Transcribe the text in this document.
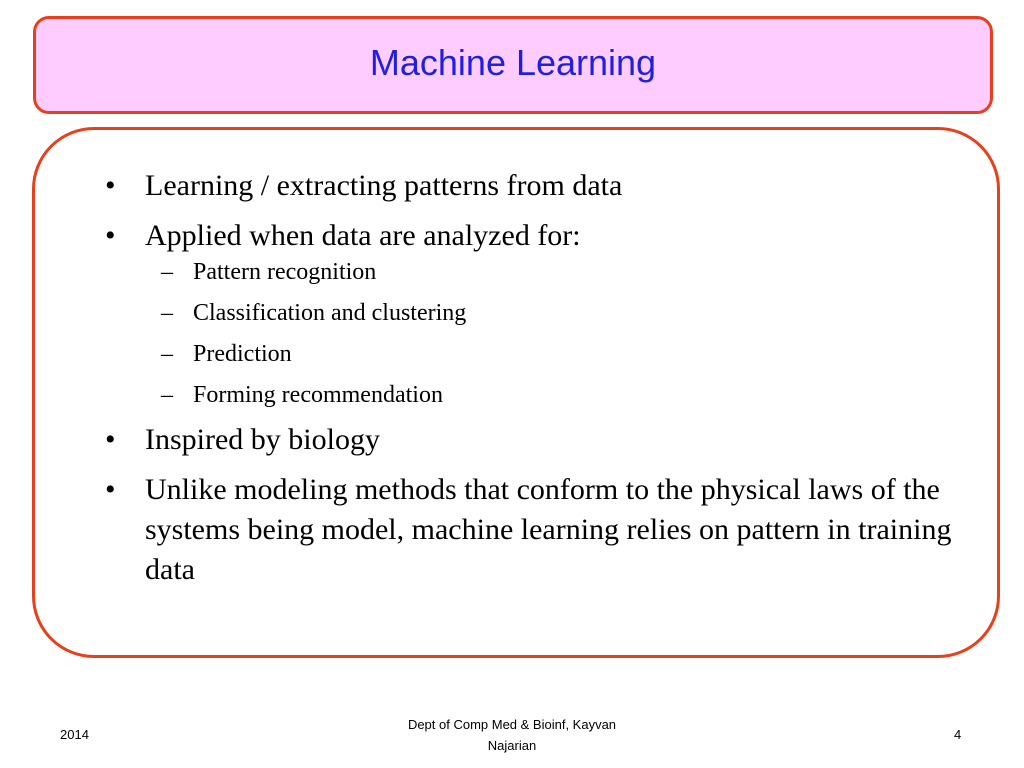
Machine Learning
• Learning / extracting patterns from data
• Applied when data are analyzed for:
– Pattern recognition
– Classification and clustering
– Prediction
– Forming recommendation
• Inspired by biology
• Unlike modeling methods that conform to the physical laws of the systems being model, machine learning relies on pattern in training data
2014
Dept of Comp Med & Bioinf, Kayvan
Najarian
4
